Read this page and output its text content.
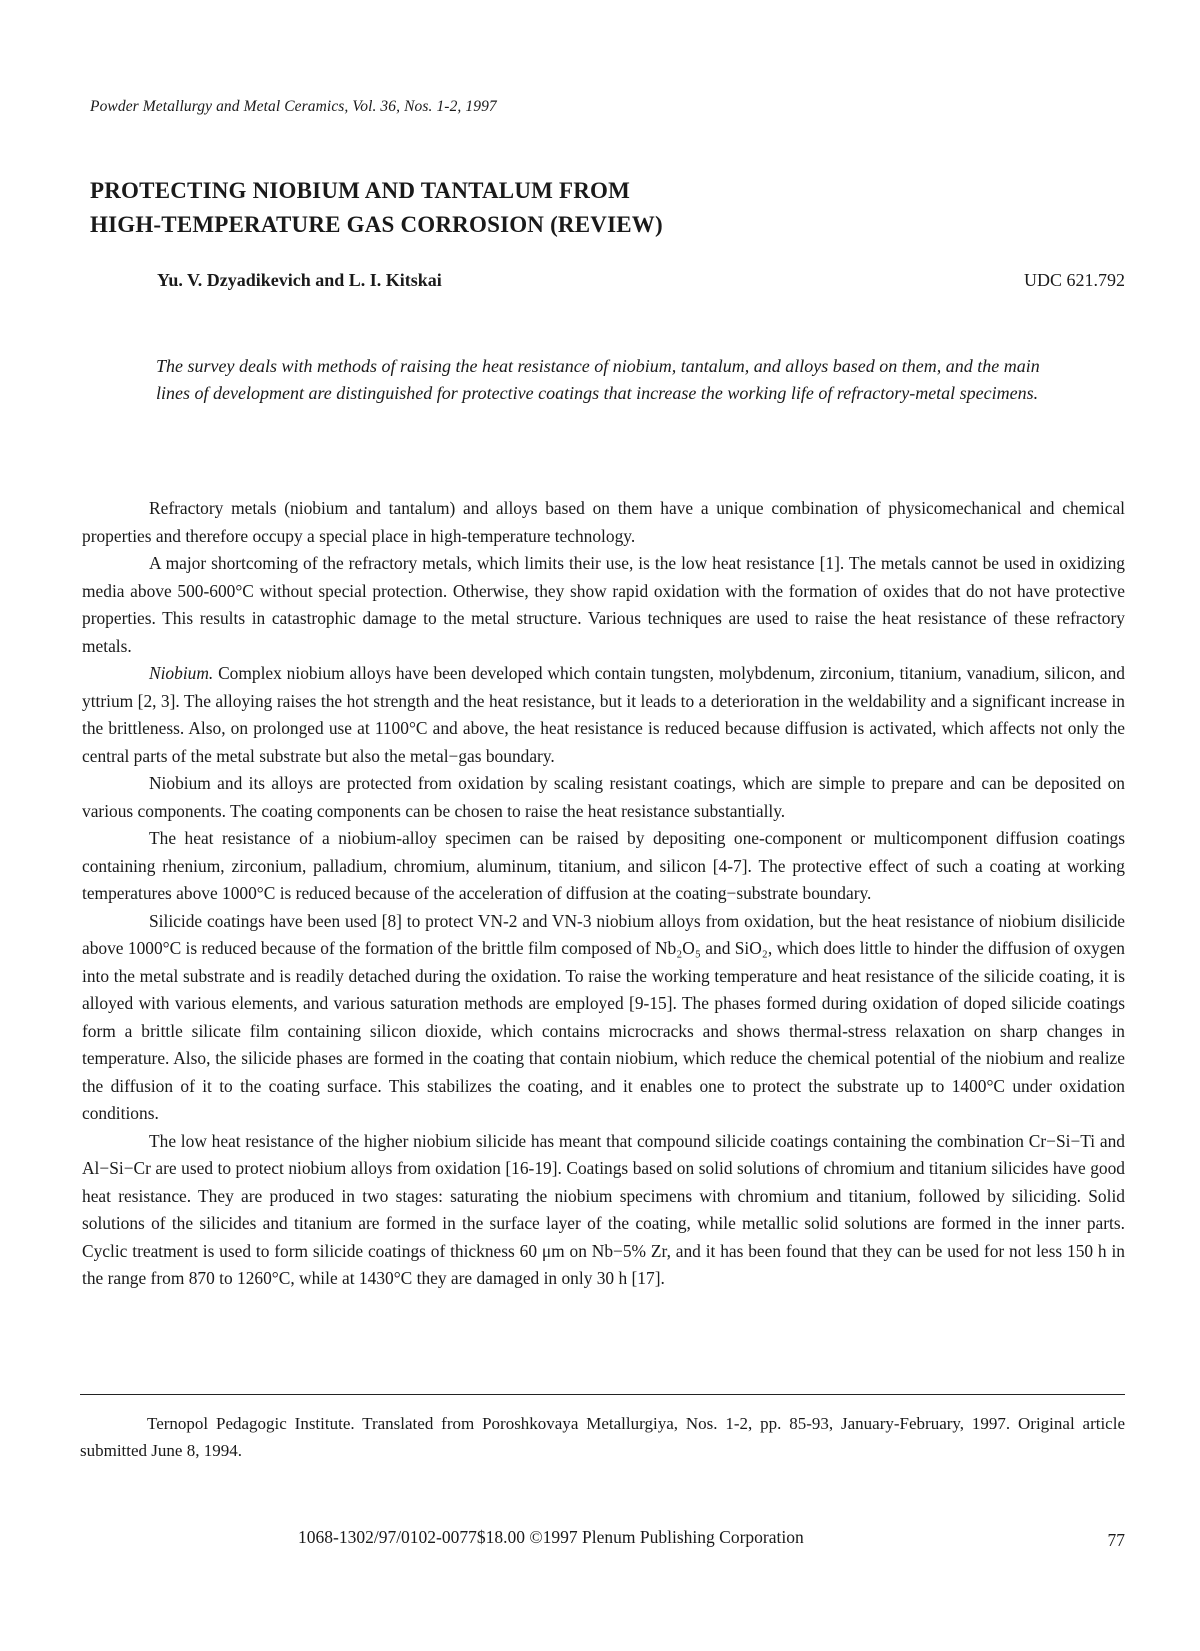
Powder Metallurgy and Metal Ceramics, Vol. 36, Nos. 1-2, 1997
PROTECTING NIOBIUM AND TANTALUM FROM
HIGH-TEMPERATURE GAS CORROSION (REVIEW)
Yu. V. Dzyadikevich and L. I. Kitskai	UDC 621.792

The survey deals with methods of raising the heat resistance of niobium, tantalum, and alloys based on them, and the main lines of development are distinguished for protective coatings that increase the working life of refractory-metal specimens.

Refractory metals (niobium and tantalum) and alloys based on them have a unique combination of physicomechanical and chemical properties and therefore occupy a special place in high-temperature technology.

A major shortcoming of the refractory metals, which limits their use, is the low heat resistance [1]. The metals cannot be used in oxidizing media above 500-600°C without special protection. Otherwise, they show rapid oxidation with the formation of oxides that do not have protective properties. This results in catastrophic damage to the metal structure. Various techniques are used to raise the heat resistance of these refractory metals.

Niobium. Complex niobium alloys have been developed which contain tungsten, molybdenum, zirconium, titanium, vanadium, silicon, and yttrium [2, 3]. The alloying raises the hot strength and the heat resistance, but it leads to a deterioration in the weldability and a significant increase in the brittleness. Also, on prolonged use at 1100°C and above, the heat resistance is reduced because diffusion is activated, which affects not only the central parts of the metal substrate but also the metal−gas boundary.

Niobium and its alloys are protected from oxidation by scaling resistant coatings, which are simple to prepare and can be deposited on various components. The coating components can be chosen to raise the heat resistance substantially.

The heat resistance of a niobium-alloy specimen can be raised by depositing one-component or multicomponent diffusion coatings containing rhenium, zirconium, palladium, chromium, aluminum, titanium, and silicon [4-7]. The protective effect of such a coating at working temperatures above 1000°C is reduced because of the acceleration of diffusion at the coating−substrate boundary.

Silicide coatings have been used [8] to protect VN-2 and VN-3 niobium alloys from oxidation, but the heat resistance of niobium disilicide above 1000°C is reduced because of the formation of the brittle film composed of Nb₂O₅ and SiO₂, which does little to hinder the diffusion of oxygen into the metal substrate and is readily detached during the oxidation. To raise the working temperature and heat resistance of the silicide coating, it is alloyed with various elements, and various saturation methods are employed [9-15]. The phases formed during oxidation of doped silicide coatings form a brittle silicate film containing silicon dioxide, which contains microcracks and shows thermal-stress relaxation on sharp changes in temperature. Also, the silicide phases are formed in the coating that contain niobium, which reduce the chemical potential of the niobium and realize the diffusion of it to the coating surface. This stabilizes the coating, and it enables one to protect the substrate up to 1400°C under oxidation conditions.

The low heat resistance of the higher niobium silicide has meant that compound silicide coatings containing the combination Cr−Si−Ti and Al−Si−Cr are used to protect niobium alloys from oxidation [16-19]. Coatings based on solid solutions of chromium and titanium silicides have good heat resistance. They are produced in two stages: saturating the niobium specimens with chromium and titanium, followed by siliciding. Solid solutions of the silicides and titanium are formed in the surface layer of the coating, while metallic solid solutions are formed in the inner parts. Cyclic treatment is used to form silicide coatings of thickness 60 μm on Nb−5% Zr, and it has been found that they can be used for not less 150 h in the range from 870 to 1260°C, while at 1430°C they are damaged in only 30 h [17].

Ternopol Pedagogic Institute. Translated from Poroshkovaya Metallurgiya, Nos. 1-2, pp. 85-93, January-February, 1997. Original article submitted June 8, 1994.

1068-1302/97/0102-0077$18.00 ©1997 Plenum Publishing Corporation	77
